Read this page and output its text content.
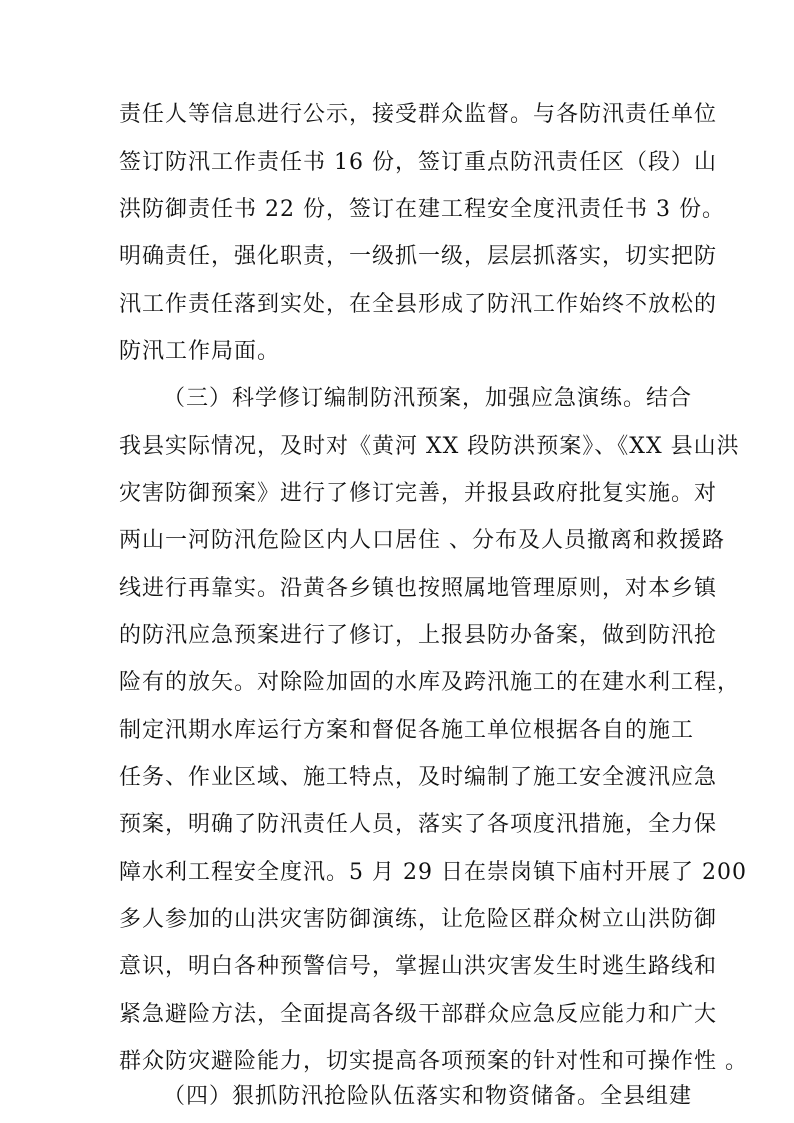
责任人等信息进行公示，接受群众监督。与各防汛责任单位
签订防汛工作责任书 16 份，签订重点防汛责任区（段）山
洪防御责任书 22 份，签订在建工程安全度汛责任书 3 份。
明确责任，强化职责，一级抓一级，层层抓落实，切实把防
汛工作责任落到实处，在全县形成了防汛工作始终不放松的
防汛工作局面。
（三）科学修订编制防汛预案，加强应急演练。结合
我县实际情况，及时对《黄河 XX 段防洪预案》、《XX 县山洪
灾害防御预案》进行了修订完善，并报县政府批复实施。对
两山一河防汛危险区内人口居住 、分布及人员撤离和救援路
线进行再靠实。沿黄各乡镇也按照属地管理原则，对本乡镇
的防汛应急预案进行了修订，上报县防办备案，做到防汛抢
险有的放矢。对除险加固的水库及跨汛施工的在建水利工程，
制定汛期水库运行方案和督促各施工单位根据各自的施工
任务、作业区域、施工特点，及时编制了施工安全渡汛应急
预案，明确了防汛责任人员，落实了各项度汛措施，全力保
障水利工程安全度汛。5 月 29 日在崇岗镇下庙村开展了 200
多人参加的山洪灾害防御演练，让危险区群众树立山洪防御
意识，明白各种预警信号，掌握山洪灾害发生时逃生路线和
紧急避险方法，全面提高各级干部群众应急反应能力和广大
群众防灾避险能力，切实提高各项预案的针对性和可操作性 。
（四）狠抓防汛抢险队伍落实和物资储备。全县组建
